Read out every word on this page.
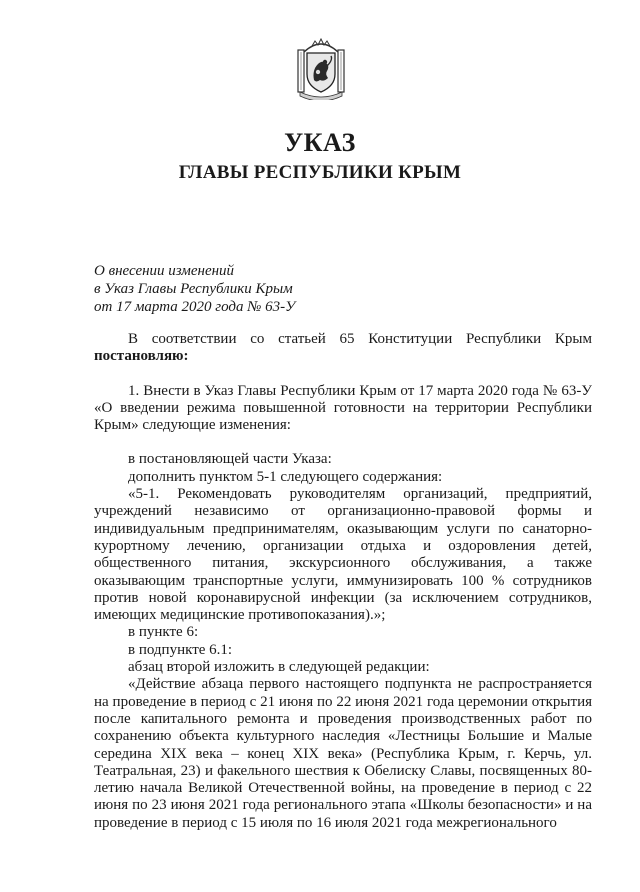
УКАЗ
ГЛАВЫ РЕСПУБЛИКИ КРЫМ
О внесении изменений
в Указ Главы Республики Крым
от 17 марта 2020 года № 63-У

В соответствии со статьей 65 Конституции Республики Крым постановляю:

1. Внести в Указ Главы Республики Крым от 17 марта 2020 года № 63-У «О введении режима повышенной готовности на территории Республики Крым» следующие изменения:

в постановляющей части Указа:

дополнить пунктом 5-1 следующего содержания:

«5-1. Рекомендовать руководителям организаций, предприятий, учреждений независимо от организационно-правовой формы и индивидуальным предпринимателям, оказывающим услуги по санаторно-курортному лечению, организации отдыха и оздоровления детей, общественного питания, экскурсионного обслуживания, а также оказывающим транспортные услуги, иммунизировать 100 % сотрудников против новой коронавирусной инфекции (за исключением сотрудников, имеющих медицинские противопоказания).»;

в пункте 6:

в подпункте 6.1:

абзац второй изложить в следующей редакции:

«Действие абзаца первого настоящего подпункта не распространяется на проведение в период с 21 июня по 22 июня 2021 года церемонии открытия после капитального ремонта и проведения производственных работ по сохранению объекта культурного наследия «Лестницы Большие и Малые середина XIX века – конец XIX века» (Республика Крым, г. Керчь, ул. Театральная, 23) и факельного шествия к Обелиску Славы, посвященных 80-летию начала Великой Отечественной войны, на проведение в период с 22 июня по 23 июня 2021 года регионального этапа «Школы безопасности» и на проведение в период с 15 июля по 16 июля 2021 года межрегионального
